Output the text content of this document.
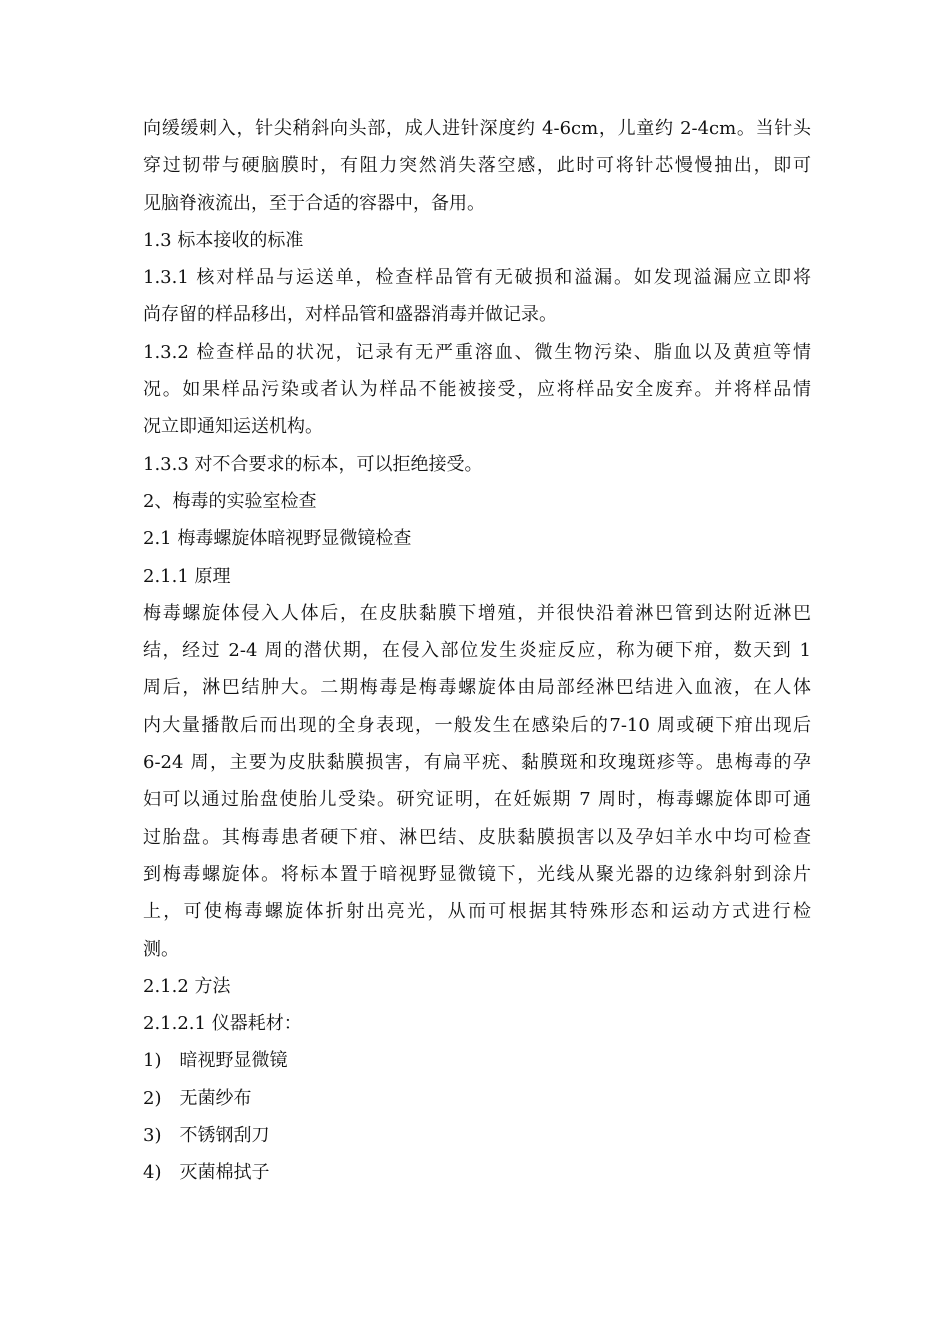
向缓缓刺入，针尖稍斜向头部，成人进针深度约 4-6cm，儿童约 2-4cm。当针头
穿过韧带与硬脑膜时，有阻力突然消失落空感，此时可将针芯慢慢抽出，即可
见脑脊液流出，至于合适的容器中，备用。
1.3 标本接收的标准
1.3.1 核对样品与运送单，检查样品管有无破损和溢漏。如发现溢漏应立即将
尚存留的样品移出，对样品管和盛器消毒并做记录。
1.3.2 检查样品的状况，记录有无严重溶血、微生物污染、脂血以及黄疸等情
况。如果样品污染或者认为样品不能被接受，应将样品安全废弃。并将样品情
况立即通知运送机构。
1.3.3 对不合要求的标本，可以拒绝接受。
2、梅毒的实验室检查
2.1 梅毒螺旋体暗视野显微镜检查
2.1.1 原理
梅毒螺旋体侵入人体后，在皮肤黏膜下增殖，并很快沿着淋巴管到达附近淋巴
结，经过 2-4 周的潜伏期，在侵入部位发生炎症反应，称为硬下疳，数天到 1
周后，淋巴结肿大。二期梅毒是梅毒螺旋体由局部经淋巴结进入血液，在人体
内大量播散后而出现的全身表现，一般发生在感染后的7-10 周或硬下疳出现后
6-24 周，主要为皮肤黏膜损害，有扁平疣、黏膜斑和玫瑰斑疹等。患梅毒的孕
妇可以通过胎盘使胎儿受染。研究证明，在妊娠期 7 周时，梅毒螺旋体即可通
过胎盘。其梅毒患者硬下疳、淋巴结、皮肤黏膜损害以及孕妇羊水中均可检查
到梅毒螺旋体。将标本置于暗视野显微镜下，光线从聚光器的边缘斜射到涂片
上，可使梅毒螺旋体折射出亮光，从而可根据其特殊形态和运动方式进行检
测。
2.1.2 方法
2.1.2.1 仪器耗材：
1)　暗视野显微镜
2)　无菌纱布
3)　不锈钢刮刀
4)　灭菌棉拭子
